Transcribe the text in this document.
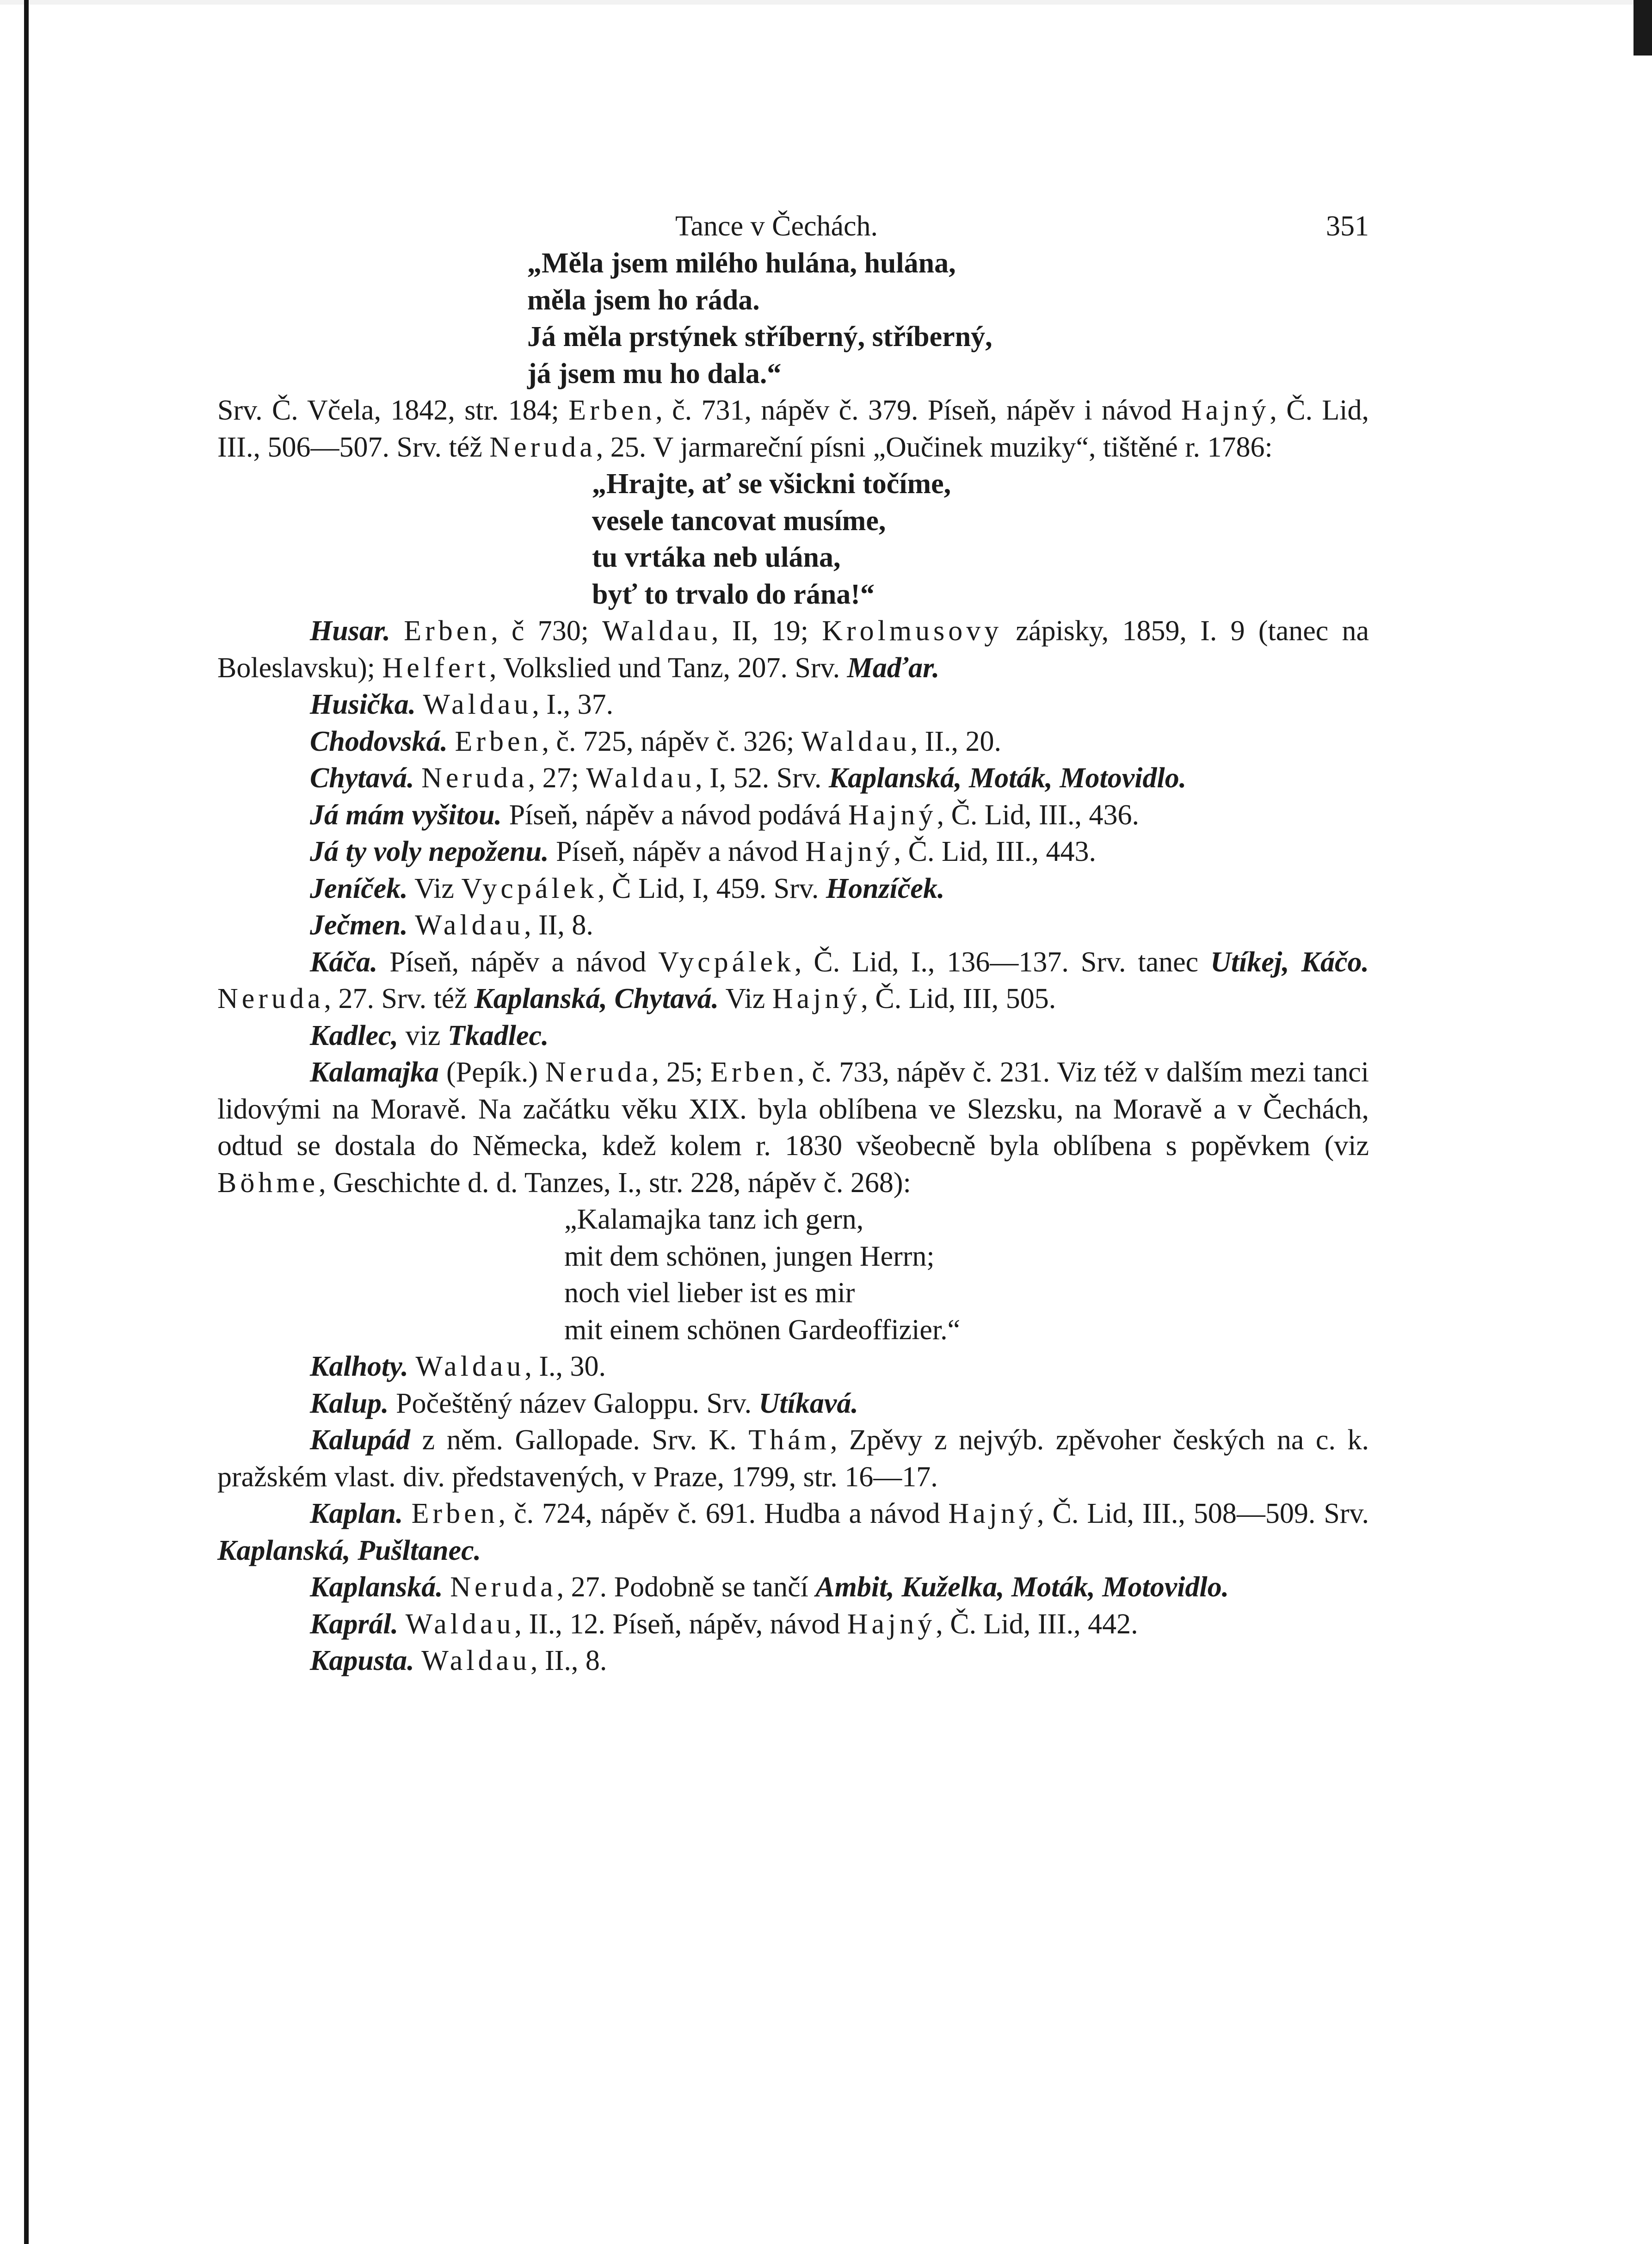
Tance v Čechách.	351
„Měla jsem milého hulána, hulána,
měla jsem ho ráda.
Já měla prstýnek stříberný, stříberný,
já jsem mu ho dala.“

Srv. Č. Včela, 1842, str. 184; Erben, č. 731, nápěv č. 379. Píseň, nápěv i návod Hajný, Č. Lid, III., 506—507. Srv. též Neruda, 25. V jarmareční písni „Oučinek muziky“, tištěné r. 1786:

„Hrajte, ať se všickni točíme,
vesele tancovat musíme,
tu vrtáka neb ulána,
byť to trvalo do rána!“

Husar. Erben, č 730; Waldau, II, 19; Krolmusovy zápisky, 1859, I. 9 (tanec na Boleslavsku); Helfert, Volkslied und Tanz, 207. Srv. Maďar.

Husička. Waldau, I., 37.

Chodovská. Erben, č. 725, nápěv č. 326; Waldau, II., 20.

Chytavá. Neruda, 27; Waldau, I, 52. Srv. Kaplanská, Moták, Motovidlo.

Já mám vyšitou. Píseň, nápěv a návod podává Hajný, Č. Lid, III., 436.

Já ty voly nepoženu. Píseň, nápěv a návod Hajný, Č. Lid, III., 443.

Jeníček. Viz Vycpálek, Č Lid, I, 459. Srv. Honzíček.

Ječmen. Waldau, II, 8.

Káča. Píseň, nápěv a návod Vycpálek, Č. Lid, I., 136—137. Srv. tanec Utíkej, Káčo. Neruda, 27. Srv. též Kaplanská, Chytavá. Viz Hajný, Č. Lid, III, 505.

Kadlec, viz Tkadlec.

Kalamajka (Pepík.) Neruda, 25; Erben, č. 733, nápěv č. 231. Viz též v dalším mezi tanci lidovými na Moravě. Na začátku věku XIX. byla oblíbena ve Slezsku, na Moravě a v Čechách, odtud se dostala do Německa, kdež kolem r. 1830 všeobecně byla oblíbena s popěvkem (viz Böhme, Geschichte d. d. Tanzes, I., str. 228, nápěv č. 268):

„Kalamajka tanz ich gern,
mit dem schönen, jungen Herrn;
noch viel lieber ist es mir
mit einem schönen Gardeoffizier.“

Kalhoty. Waldau, I., 30.

Kalup. Počeštěný název Galoppu. Srv. Utíkavá.

Kalupád z něm. Gallopade. Srv. K. Thám, Zpěvy z nejvýb. zpěvoher českých na c. k. pražském vlast. div. představených, v Praze, 1799, str. 16—17.

Kaplan. Erben, č. 724, nápěv č. 691. Hudba a návod Hajný, Č. Lid, III., 508—509. Srv. Kaplanská, Pušltanec.

Kaplanská. Neruda, 27. Podobně se tančí Ambit, Kuželka, Moták, Motovidlo.

Kaprál. Waldau, II., 12. Píseň, nápěv, návod Hajný, Č. Lid, III., 442.

Kapusta. Waldau, II., 8.
